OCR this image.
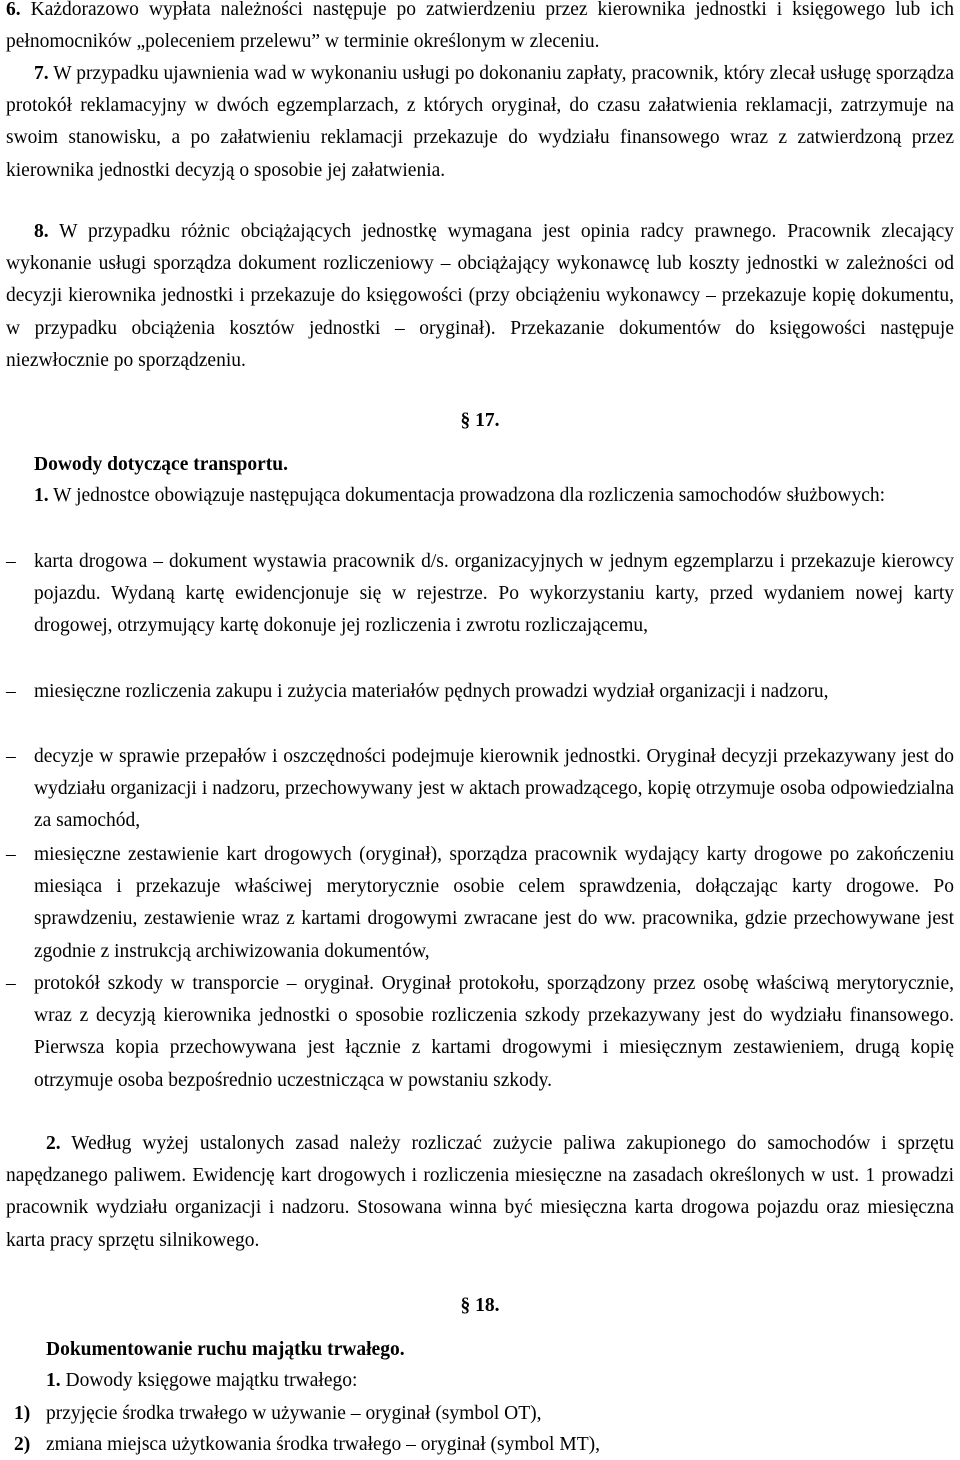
6. Każdorazowo wypłata należności następuje po zatwierdzeniu przez kierownika jednostki i księgowego lub ich pełnomocników „poleceniem przelewu” w terminie określonym w zleceniu.

7. W przypadku ujawnienia wad w wykonaniu usługi po dokonaniu zapłaty, pracownik, który zlecał usługę sporządza protokół reklamacyjny w dwóch egzemplarzach, z których oryginał, do czasu załatwienia reklamacji, zatrzymuje na swoim stanowisku, a po załatwieniu reklamacji przekazuje do wydziału finansowego wraz z zatwierdzoną przez kierownika jednostki decyzją o sposobie jej załatwienia.

8. W przypadku różnic obciążających jednostkę wymagana jest opinia radcy prawnego. Pracownik zlecający wykonanie usługi sporządza dokument rozliczeniowy – obciążający wykonawcę lub koszty jednostki w zależności od decyzji kierownika jednostki i przekazuje do księgowości (przy obciążeniu wykonawcy – przekazuje kopię dokumentu, w przypadku obciążenia kosztów jednostki – oryginał). Przekazanie dokumentów do księgowości następuje niezwłocznie po sporządzeniu.

§ 17.
Dowody dotyczące transportu.

1. W jednostce obowiązuje następująca dokumentacja prowadzona dla rozliczenia samochodów służbowych:

– karta drogowa – dokument wystawia pracownik d/s. organizacyjnych w jednym egzemplarzu i przekazuje kierowcy pojazdu. Wydaną kartę ewidencjonuje się w rejestrze. Po wykorzystaniu karty, przed wydaniem nowej karty drogowej, otrzymujący kartę dokonuje jej rozliczenia i zwrotu rozliczającemu,
– miesięczne rozliczenia zakupu i zużycia materiałów pędnych prowadzi wydział organizacji i nadzoru,
– decyzje w sprawie przepałów i oszczędności podejmuje kierownik jednostki. Oryginał decyzji przekazywany jest do wydziału organizacji i nadzoru, przechowywany jest w aktach prowadzącego, kopię otrzymuje osoba odpowiedzialna za samochód,
– miesięczne zestawienie kart drogowych (oryginał), sporządza pracownik wydający karty drogowe po zakończeniu miesiąca i przekazuje właściwej merytorycznie osobie celem sprawdzenia, dołączając karty drogowe. Po sprawdzeniu, zestawienie wraz z kartami drogowymi zwracane jest do ww. pracownika, gdzie przechowywane jest zgodnie z instrukcją archiwizowania dokumentów,
– protokół szkody w transporcie – oryginał. Oryginał protokołu, sporządzony przez osobę właściwą merytorycznie, wraz z decyzją kierownika jednostki o sposobie rozliczenia szkody przekazywany jest do wydziału finansowego. Pierwsza kopia przechowywana jest łącznie z kartami drogowymi i miesięcznym zestawieniem, drugą kopię otrzymuje osoba bezpośrednio uczestnicząca w powstaniu szkody.

2. Według wyżej ustalonych zasad należy rozliczać zużycie paliwa zakupionego do samochodów i sprzętu napędzanego paliwem. Ewidencję kart drogowych i rozliczenia miesięczne na zasadach określonych w ust. 1 prowadzi pracownik wydziału organizacji i nadzoru. Stosowana winna być miesięczna karta drogowa pojazdu oraz miesięczna karta pracy sprzętu silnikowego.

§ 18.
Dokumentowanie ruchu majątku trwałego.
1. Dowody księgowe majątku trwałego:
1) przyjęcie środka trwałego w używanie – oryginał (symbol OT),
2) zmiana miejsca użytkowania środka trwałego – oryginał (symbol MT),
